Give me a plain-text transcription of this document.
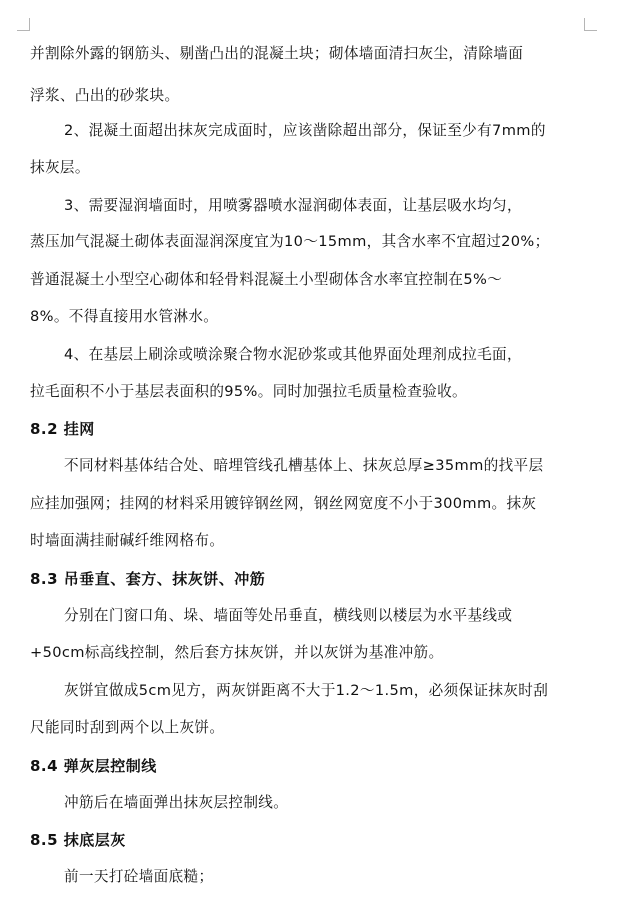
并割除外露的钢筋头、剔凿凸出的混凝土块；砌体墙面清扫灰尘，清除墙面
浮浆、凸出的砂浆块。
2、混凝土面超出抹灰完成面时，应该凿除超出部分，保证至少有7mm的
抹灰层。
3、需要湿润墙面时，用喷雾器喷水湿润砌体表面，让基层吸水均匀，
蒸压加气混凝土砌体表面湿润深度宜为10～15mm，其含水率不宜超过20%；
普通混凝土小型空心砌体和轻骨料混凝土小型砌体含水率宜控制在5%～
8%。不得直接用水管淋水。
4、在基层上刷涂或喷涂聚合物水泥砂浆或其他界面处理剂成拉毛面，
拉毛面积不小于基层表面积的95%。同时加强拉毛质量检查验收。
8.2 挂网
不同材料基体结合处、暗埋管线孔槽基体上、抹灰总厚≥35mm的找平层
应挂加强网；挂网的材料采用镀锌钢丝网，钢丝网宽度不小于300mm。抹灰
时墙面满挂耐碱纤维网格布。
8.3 吊垂直、套方、抹灰饼、冲筋
分别在门窗口角、垛、墙面等处吊垂直，横线则以楼层为水平基线或
+50cm标高线控制，然后套方抹灰饼，并以灰饼为基准冲筋。
灰饼宜做成5cm见方，两灰饼距离不大于1.2～1.5m，必须保证抹灰时刮
尺能同时刮到两个以上灰饼。
8.4 弹灰层控制线
冲筋后在墙面弹出抹灰层控制线。
8.5 抹底层灰
前一天打砼墙面底糙；
